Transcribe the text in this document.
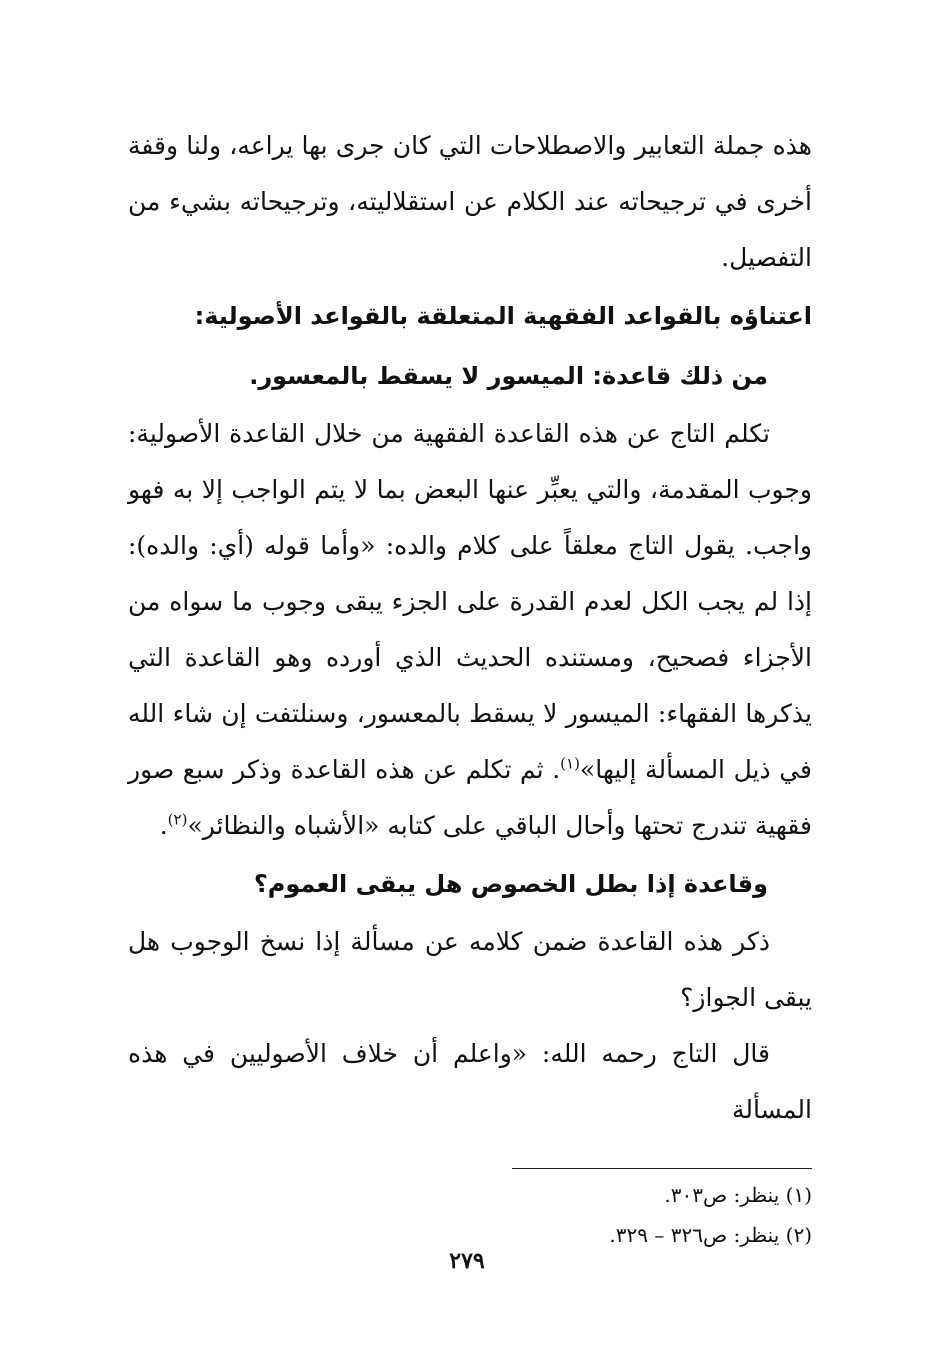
هذه جملة التعابير والاصطلاحات التي كان جرى بها يراعه، ولنا وقفة أخرى في ترجيحاته عند الكلام عن استقلاليته، وترجيحاته بشيء من التفصيل.

اعتناؤه بالقواعد الفقهية المتعلقة بالقواعد الأصولية:

من ذلك قاعدة: الميسور لا يسقط بالمعسور.

تكلم التاج عن هذه القاعدة الفقهية من خلال القاعدة الأصولية: وجوب المقدمة، والتي يعبِّر عنها البعض بما لا يتم الواجب إلا به فهو واجب. يقول التاج معلقاً على كلام والده: «وأما قوله (أي: والده): إذا لم يجب الكل لعدم القدرة على الجزء يبقى وجوب ما سواه من الأجزاء فصحيح، ومستنده الحديث الذي أورده وهو القاعدة التي يذكرها الفقهاء: الميسور لا يسقط بالمعسور، وسنلتفت إن شاء الله في ذيل المسألة إليها»$^{(١)}$. ثم تكلم عن هذه القاعدة وذكر سبع صور فقهية تندرج تحتها وأحال الباقي على كتابه «الأشباه والنظائر»$^{(٢)}$.

وقاعدة إذا بطل الخصوص هل يبقى العموم؟

ذكر هذه القاعدة ضمن كلامه عن مسألة إذا نسخ الوجوب هل يبقى الجواز؟

قال التاج رحمه الله: «واعلم أن خلاف الأصوليين في هذه المسألة

(١) ينظر: ص٣٠٣.

(٢) ينظر: ص٣٢٦ – ٣٢٩.

٢٧٩
